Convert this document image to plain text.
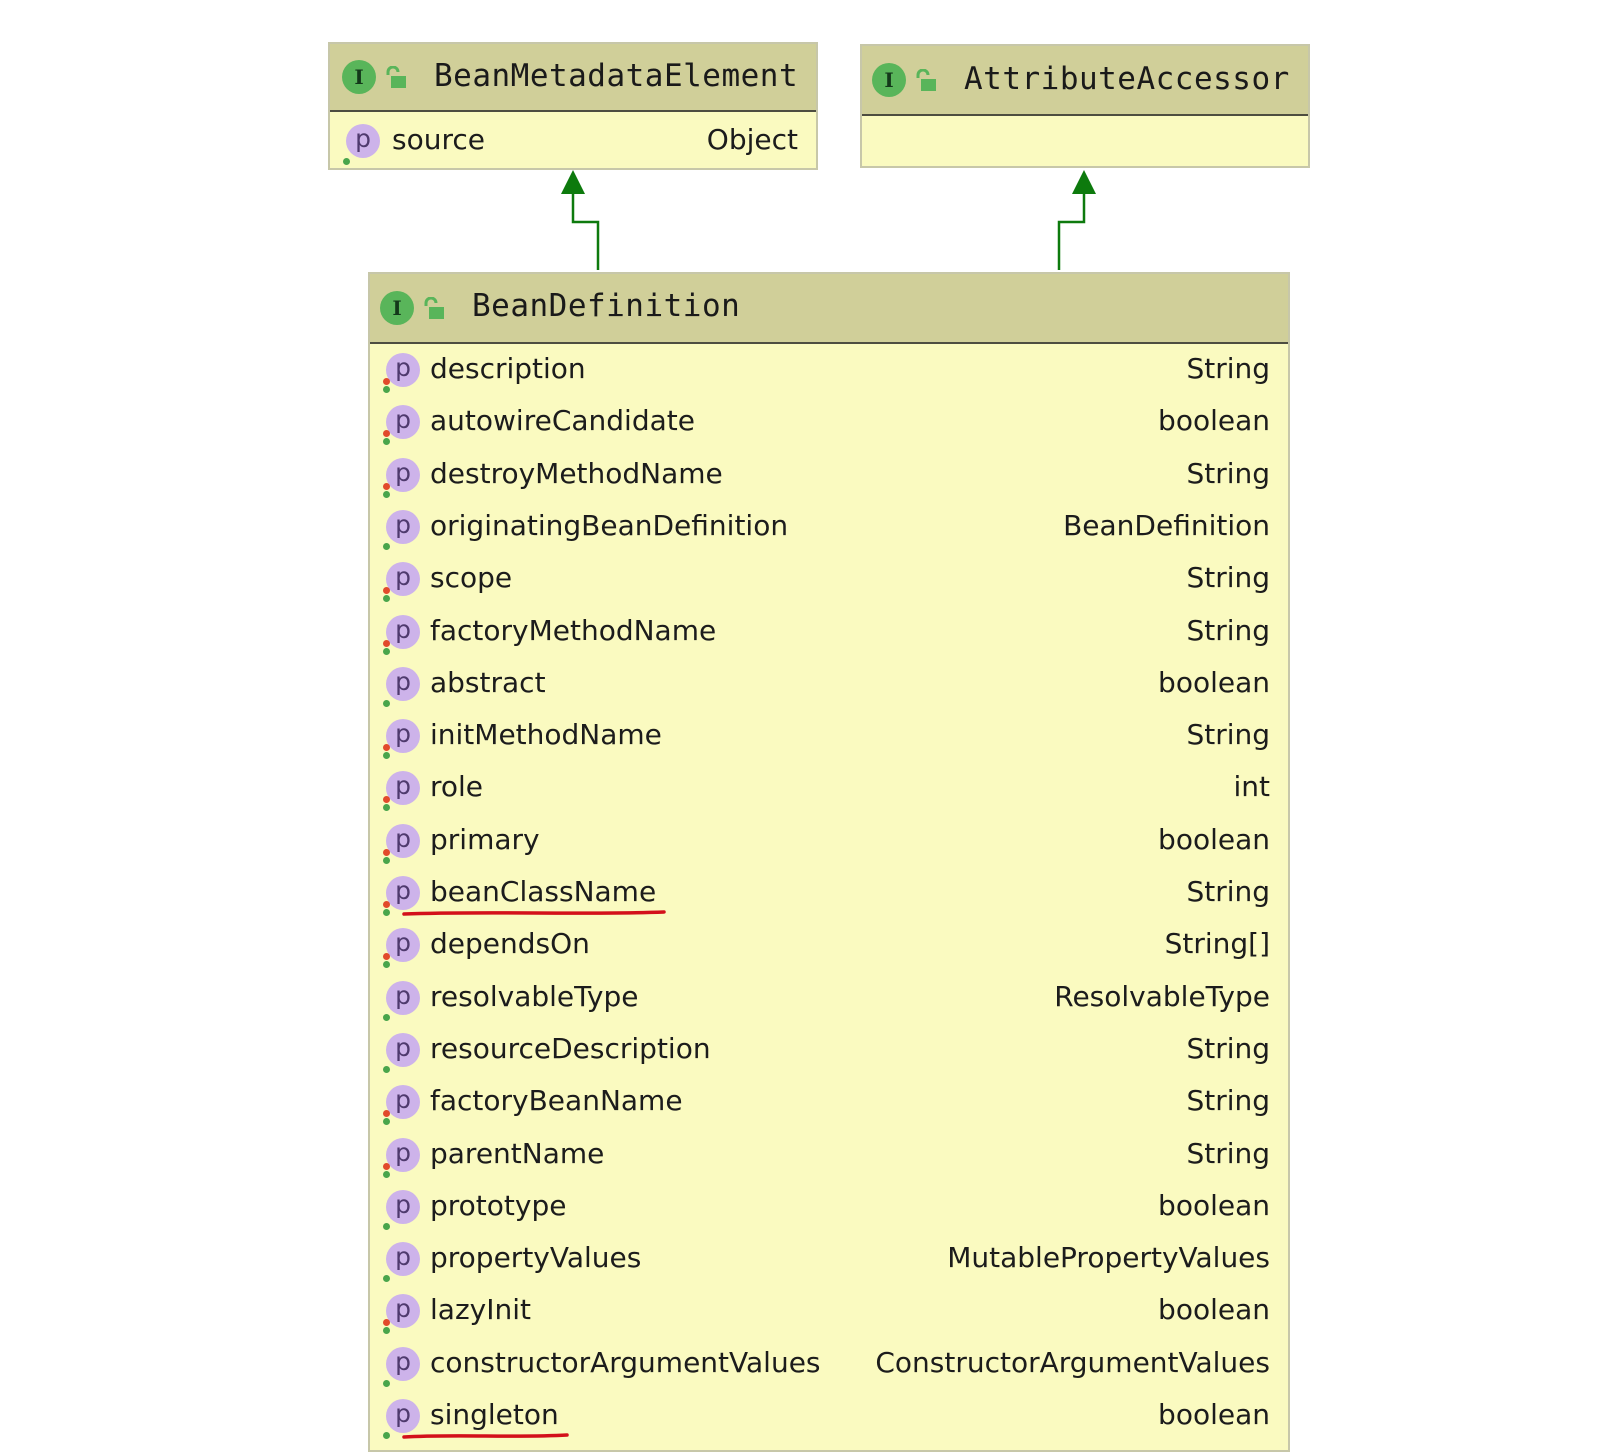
I	BeanMetadataElement
p source	Object
I	AttributeAccessor
I	BeanDefinition
p description	String
p autowireCandidate	boolean
p destroyMethodName	String
p originatingBeanDefinition	BeanDefinition
p scope	String
p factoryMethodName	String
p abstract	boolean
p initMethodName	String
p role	int
p primary	boolean
p beanClassName	String
p dependsOn	String[]
p resolvableType	ResolvableType
p resourceDescription	String
p factoryBeanName	String
p parentName	String
p prototype	boolean
p propertyValues	MutablePropertyValues
p lazyInit	boolean
p constructorArgumentValues ConstructorArgumentValues
p singleton	boolean
